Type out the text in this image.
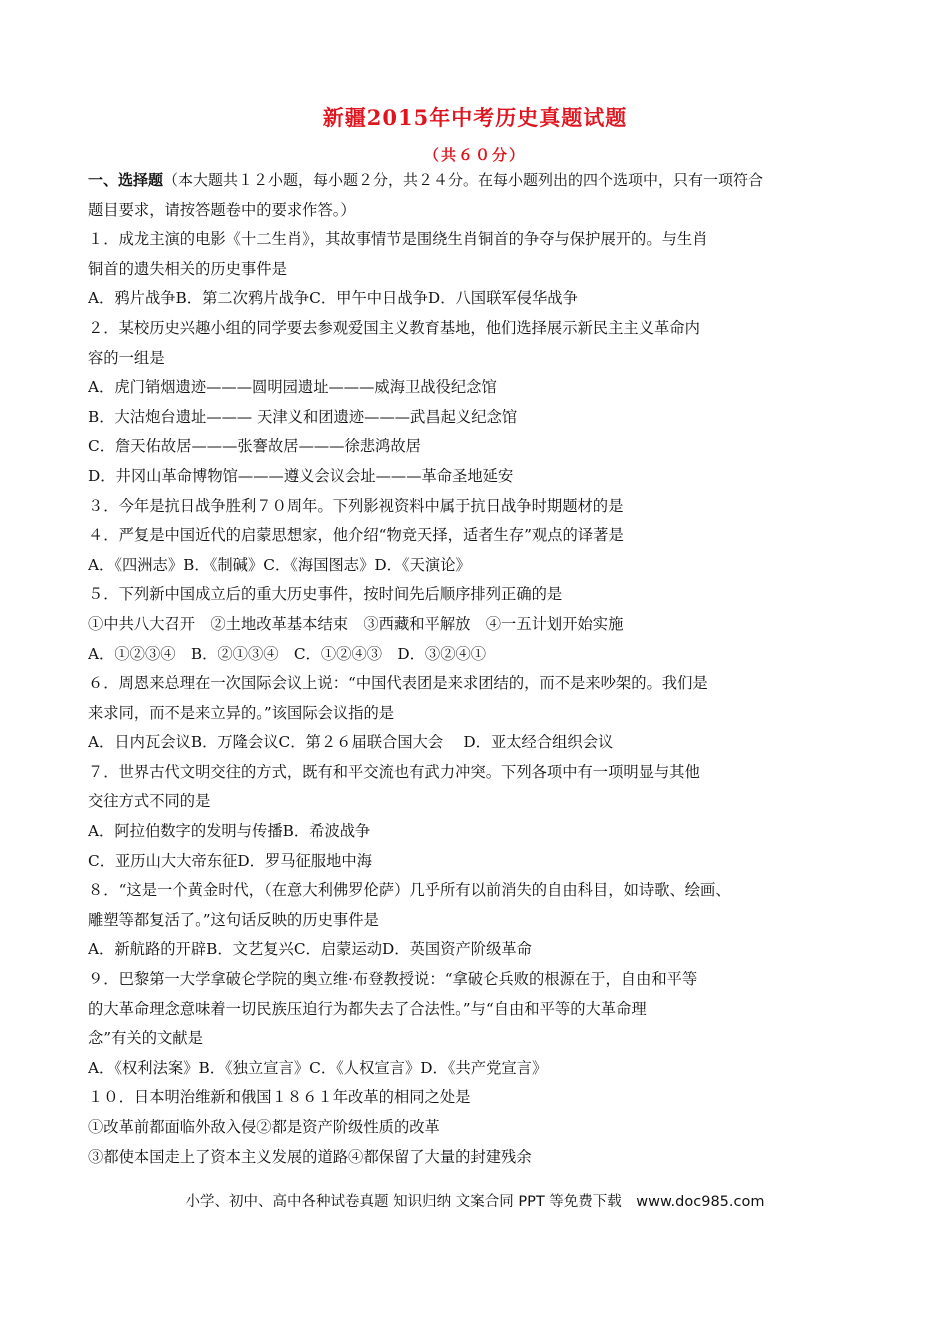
新疆2015年中考历史真题试题
（共６０分）
一、选择题（本大题共１２小题，每小题２分，共２４分。在每小题列出的四个选项中，只有一项符合
题目要求，请按答题卷中的要求作答。）
１．成龙主演的电影《十二生肖》，其故事情节是围绕生肖铜首的争夺与保护展开的。与生肖
铜首的遗失相关的历史事件是
A．鸦片战争B．第二次鸦片战争C．甲午中日战争D．八国联军侵华战争
２．某校历史兴趣小组的同学要去参观爱国主义教育基地，他们选择展示新民主主义革命内
容的一组是
A．虎门销烟遗迹———圆明园遗址———威海卫战役纪念馆
B．大沽炮台遗址——— 天津义和团遗迹———武昌起义纪念馆
C．詹天佑故居———张謇故居———徐悲鸿故居
D．井冈山革命博物馆———遵义会议会址———革命圣地延安
３．今年是抗日战争胜利７０周年。下列影视资料中属于抗日战争时期题材的是
４．严复是中国近代的启蒙思想家，他介绍“物竞天择，适者生存”观点的译著是
A．《四洲志》B．《制碱》C．《海国图志》D．《天演论》
５．下列新中国成立后的重大历史事件，按时间先后顺序排列正确的是
①中共八大召开　②土地改革基本结束　③西藏和平解放　④一五计划开始实施
A．①②③④　B．②①③④　C．①②④③　D．③②④①
６．周恩来总理在一次国际会议上说：“中国代表团是来求团结的，而不是来吵架的。我们是
来求同，而不是来立异的。”该国际会议指的是
A．日内瓦会议B．万隆会议C．第２６届联合国大会　 D．亚太经合组织会议
７．世界古代文明交往的方式，既有和平交流也有武力冲突。下列各项中有一项明显与其他
交往方式不同的是
A．阿拉伯数字的发明与传播B．希波战争
C．亚历山大大帝东征D．罗马征服地中海
８．“这是一个黄金时代，（在意大利佛罗伦萨）几乎所有以前消失的自由科目，如诗歌、绘画、
雕塑等都复活了。”这句话反映的历史事件是
A．新航路的开辟B．文艺复兴C．启蒙运动D．英国资产阶级革命
９．巴黎第一大学拿破仑学院的奥立维·布登教授说：“拿破仑兵败的根源在于，自由和平等
的大革命理念意味着一切民族压迫行为都失去了合法性。”与“自由和平等的大革命理
念”有关的文献是
A．《权利法案》B．《独立宣言》C．《人权宣言》D．《共产党宣言》
１０．日本明治维新和俄国１８６１年改革的相同之处是
①改革前都面临外敌入侵②都是资产阶级性质的改革
③都使本国走上了资本主义发展的道路④都保留了大量的封建残余
小学、初中、高中各种试卷真题 知识归纳 文案合同 PPT 等免费下载　www.doc985.com
